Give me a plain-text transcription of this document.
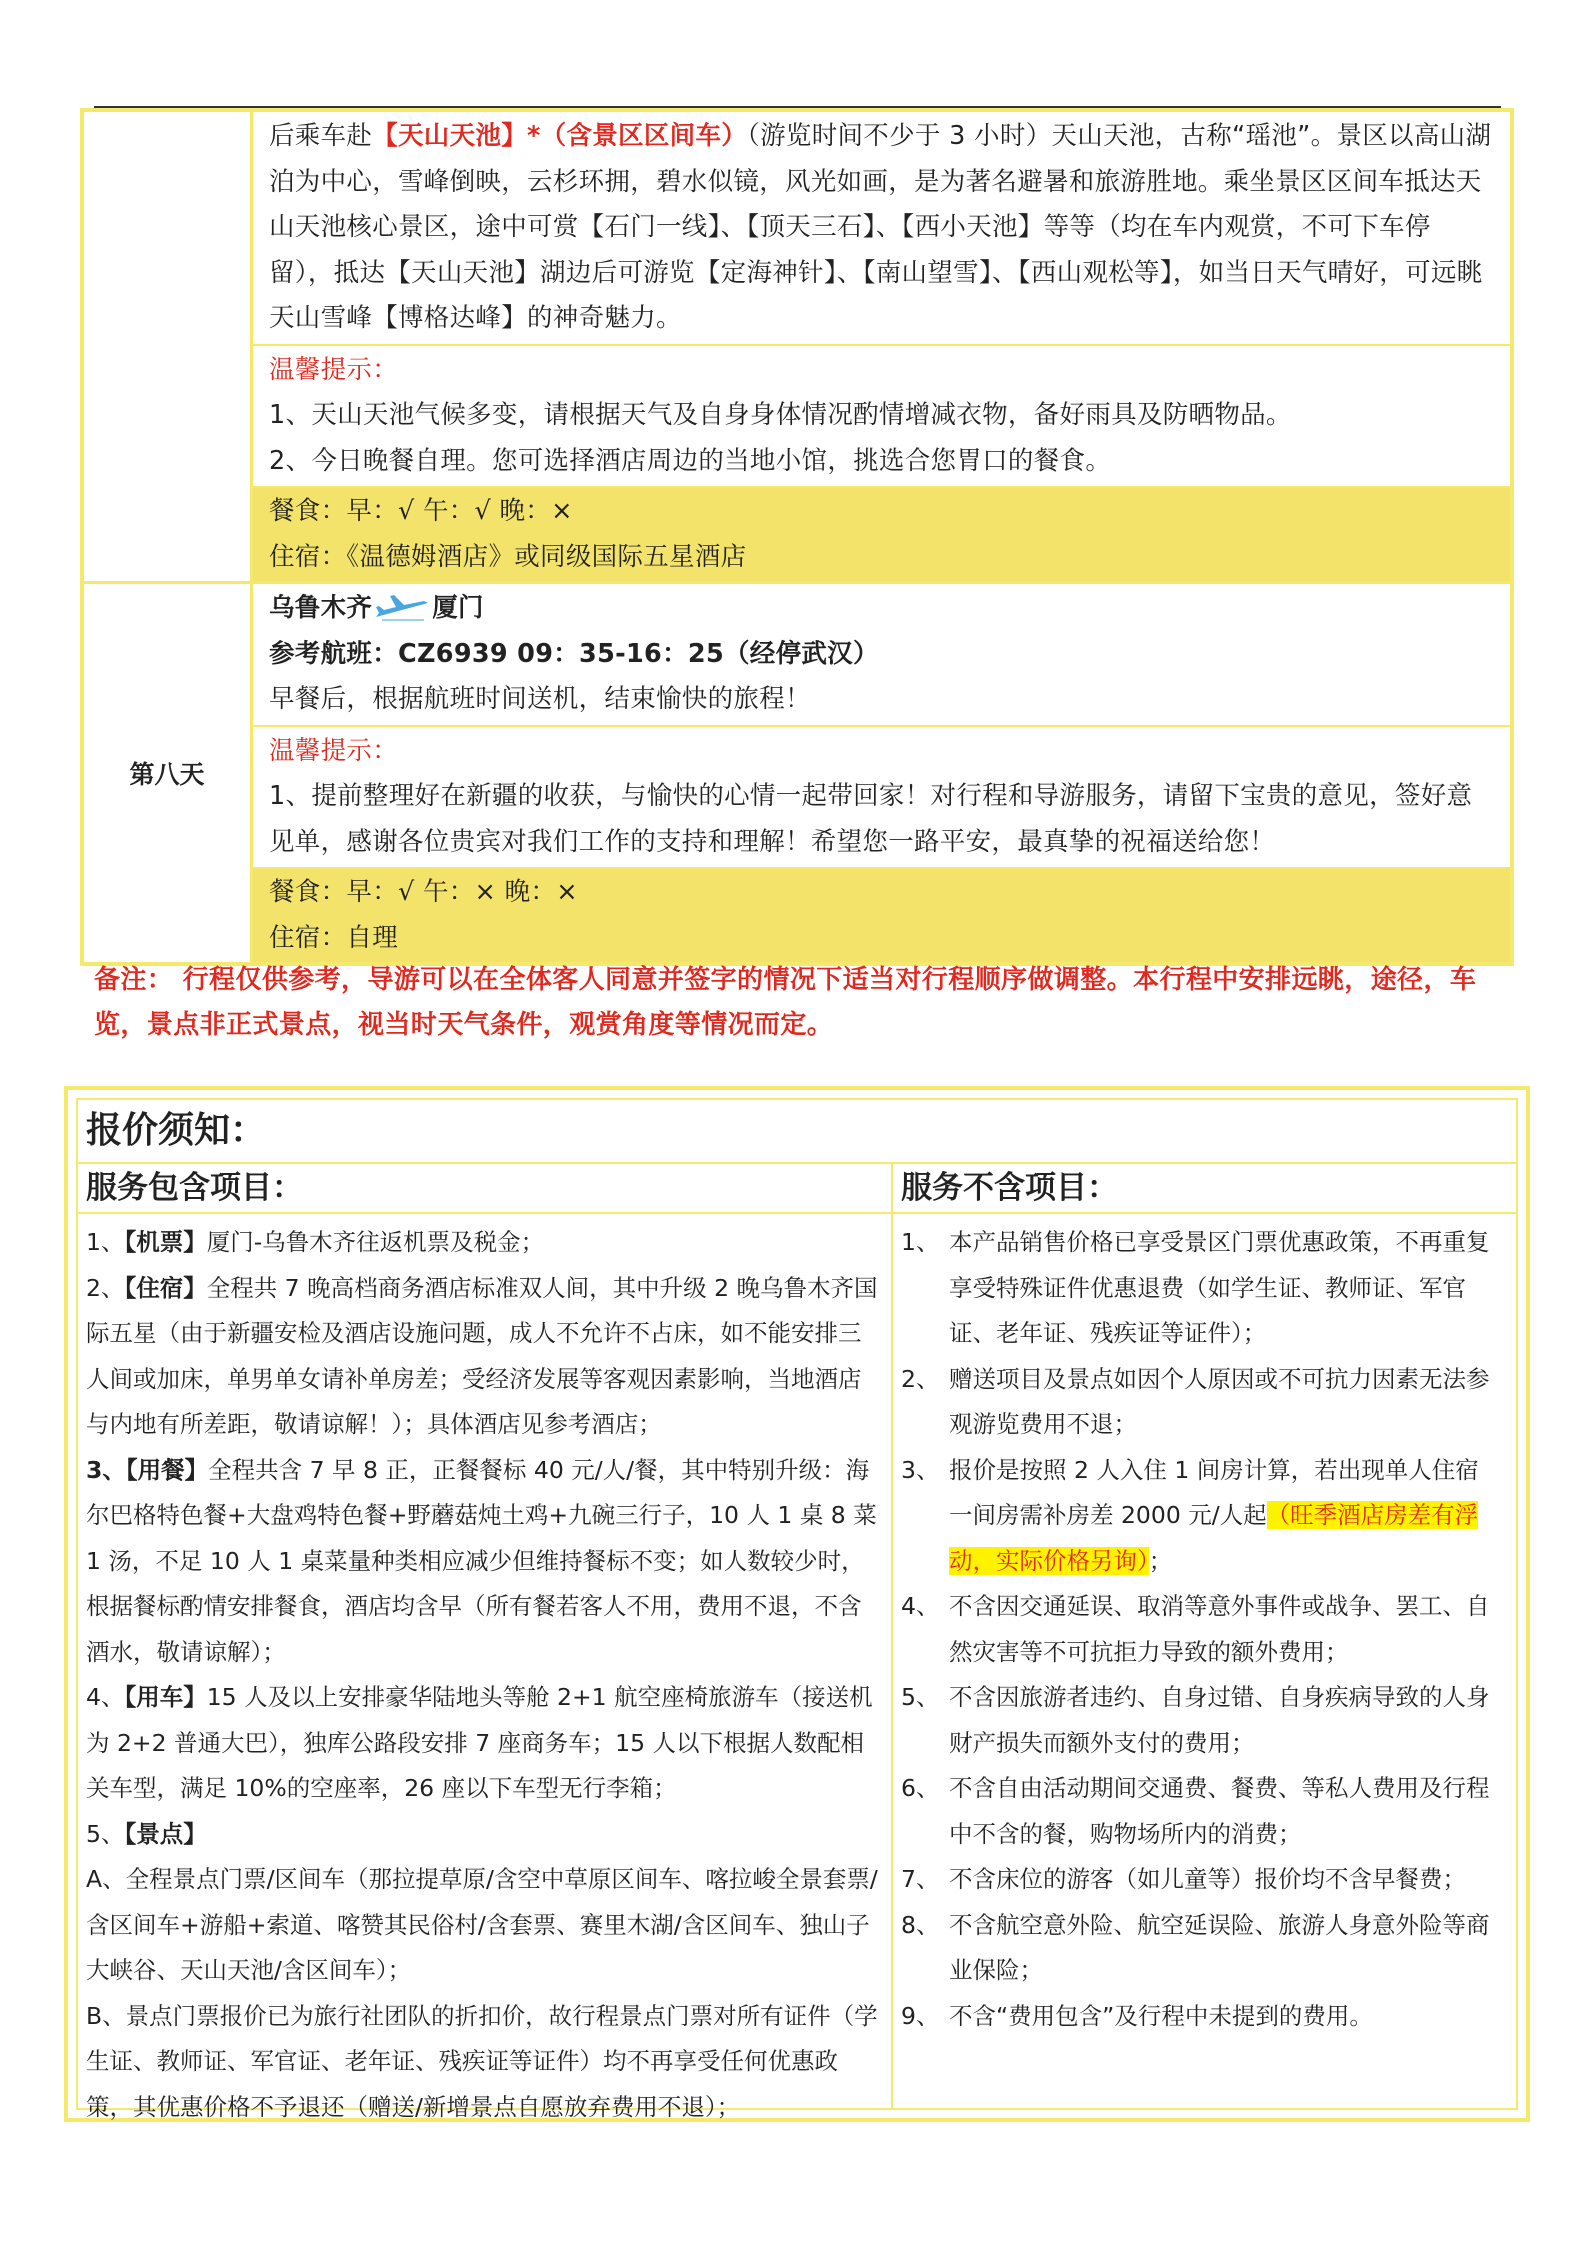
后乘车赴【天山天池】*（含景区区间车）（游览时间不少于 3 小时）天山天池，古称“瑶池”。景区以高山湖泊为中心，雪峰倒映，云杉环拥，碧水似镜，风光如画，是为著名避暑和旅游胜地。乘坐景区区间车抵达天山天池核心景区，途中可赏【石门一线】、【顶天三石】、【西小天池】等等（均在车内观赏，不可下车停留），抵达【天山天池】湖边后可游览【定海神针】、【南山望雪】、【西山观松等】，如当日天气晴好，可远眺天山雪峰【博格达峰】的神奇魅力。
温馨提示：
1、天山天池气候多变，请根据天气及自身身体情况酌情增减衣物，备好雨具及防晒物品。
2、今日晚餐自理。您可选择酒店周边的当地小馆，挑选合您胃口的餐食。
餐食：早：√ 午：√ 晚：×
住宿：《温德姆酒店》或同级国际五星酒店
第八天
乌鲁木齐 厦门
参考航班：CZ6939 09：35-16：25（经停武汉）
早餐后，根据航班时间送机，结束愉快的旅程！
温馨提示：
1、提前整理好在新疆的收获，与愉快的心情一起带回家！对行程和导游服务，请留下宝贵的意见，签好意见单，感谢各位贵宾对我们工作的支持和理解！希望您一路平安，最真挚的祝福送给您！
餐食：早：√ 午：× 晚：×
住宿：自理
备注： 行程仅供参考，导游可以在全体客人同意并签字的情况下适当对行程顺序做调整。本行程中安排远眺，途径，车览，景点非正式景点，视当时天气条件，观赏角度等情况而定。
报价须知：
服务包含项目：
1、【机票】厦门-乌鲁木齐往返机票及税金；
2、【住宿】全程共 7 晚高档商务酒店标准双人间，其中升级 2 晚乌鲁木齐国际五星（由于新疆安检及酒店设施问题，成人不允许不占床，如不能安排三人间或加床，单男单女请补单房差；受经济发展等客观因素影响，当地酒店与内地有所差距，敬请谅解！）；具体酒店见参考酒店；
3、【用餐】全程共含 7 早 8 正，正餐餐标 40 元/人/餐，其中特别升级：海尔巴格特色餐+大盘鸡特色餐+野蘑菇炖土鸡+九碗三行子，10 人 1 桌 8 菜 1 汤，不足 10 人 1 桌菜量种类相应减少但维持餐标不变；如人数较少时，根据餐标酌情安排餐食，酒店均含早（所有餐若客人不用，费用不退，不含酒水，敬请谅解）；
4、【用车】15 人及以上安排豪华陆地头等舱 2+1 航空座椅旅游车（接送机为 2+2 普通大巴），独库公路段安排 7 座商务车；15 人以下根据人数配相关车型，满足 10%的空座率，26 座以下车型无行李箱；
5、【景点】
A、全程景点门票/区间车（那拉提草原/含空中草原区间车、喀拉峻全景套票/含区间车+游船+索道、喀赞其民俗村/含套票、赛里木湖/含区间车、独山子大峡谷、天山天池/含区间车）；
B、景点门票报价已为旅行社团队的折扣价，故行程景点门票对所有证件（学生证、教师证、军官证、老年证、残疾证等证件）均不再享受任何优惠政策，其优惠价格不予退还（赠送/新增景点自愿放弃费用不退）；
服务不含项目：
1、 本产品销售价格已享受景区门票优惠政策，不再重复享受特殊证件优惠退费（如学生证、教师证、军官证、老年证、残疾证等证件）；
2、 赠送项目及景点如因个人原因或不可抗力因素无法参观游览费用不退；
3、 报价是按照 2 人入住 1 间房计算，若出现单人住宿一间房需补房差 2000 元/人起（旺季酒店房差有浮动，实际价格另询）；
4、 不含因交通延误、取消等意外事件或战争、罢工、自然灾害等不可抗拒力导致的额外费用；
5、 不含因旅游者违约、自身过错、自身疾病导致的人身财产损失而额外支付的费用；
6、 不含自由活动期间交通费、餐费、等私人费用及行程中不含的餐，购物场所内的消费；
7、 不含床位的游客（如儿童等）报价均不含早餐费；
8、 不含航空意外险、航空延误险、旅游人身意外险等商业保险；
9、 不含“费用包含”及行程中未提到的费用。
